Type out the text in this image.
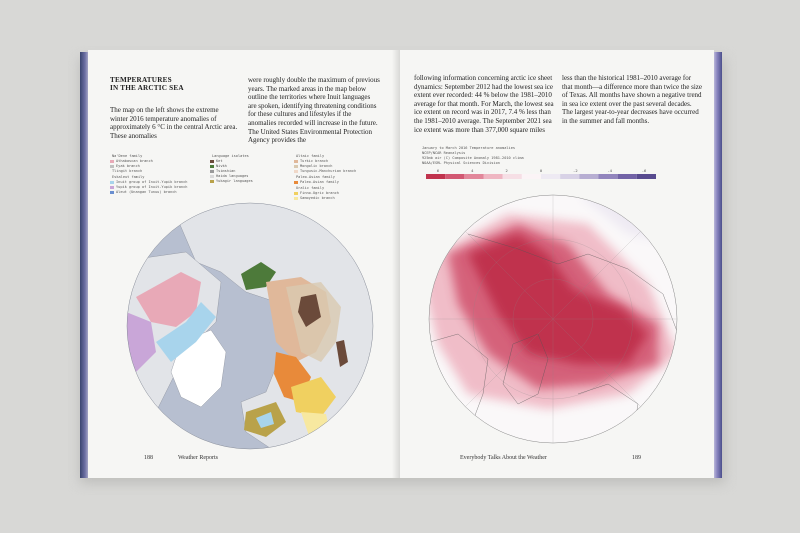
TEMPERATURES
IN THE ARCTIC SEA
The map on the left shows the extreme winter 2016 temperature anomalies of approximately 6 °C in the central Arctic area. These anomalies
were roughly double the maximum of previous years. The marked areas in the map below outline the territories where Inuit languages are spoken, identifying threatening conditions for these cultures and lifestyles if the anomalies recorded will increase in the future. The United States Environmental Protection Agency provides the
Na'Dene family
Athabascan branch
Eyak branch
Tlingit branch
Eskaleut family
Inuit group of Inuit-Yupik branch
Yupik group of Inuit-Yupik branch
Aleut (Unangan Tunuu) branch
Language isolates
Ket
Nivkh
Tsimshian
Haida languages
Yukagir languages
Altaic family
Turkic branch
Mongolic branch
Tungusic-Manchurian branch
Paleo-Asian family
Paleo-Asian family
Uralic family
Finno-Ugric branch
Samoyedic branch
188	Weather Reports
following information concerning arctic ice sheet dynamics: September 2012 had the lowest sea ice extent ever recorded: 44 % below the 1981–2010 average for that month. For March, the lowest sea ice extent on record was in 2017, 7.4 % less than the 1981–2010 average. The September 2021 sea ice extent was more than 377,000 square miles
less than the historical 1981–2010 average for that month—a difference more than twice the size of Texas. All months have shown a negative trend in sea ice extent over the past several decades. The largest year-to-year decreases have occurred in the summer and fall months.
January to March 2016 Temperature anomalies
NCEP/NCAR Reanalysis
925mb air (C) Composite Anomaly 1981-2010 clima
NOAA/ESRL Physical Sciences Division
6	4	2	0	-2	-4	-6
Everybody Talks About the Weather	189
